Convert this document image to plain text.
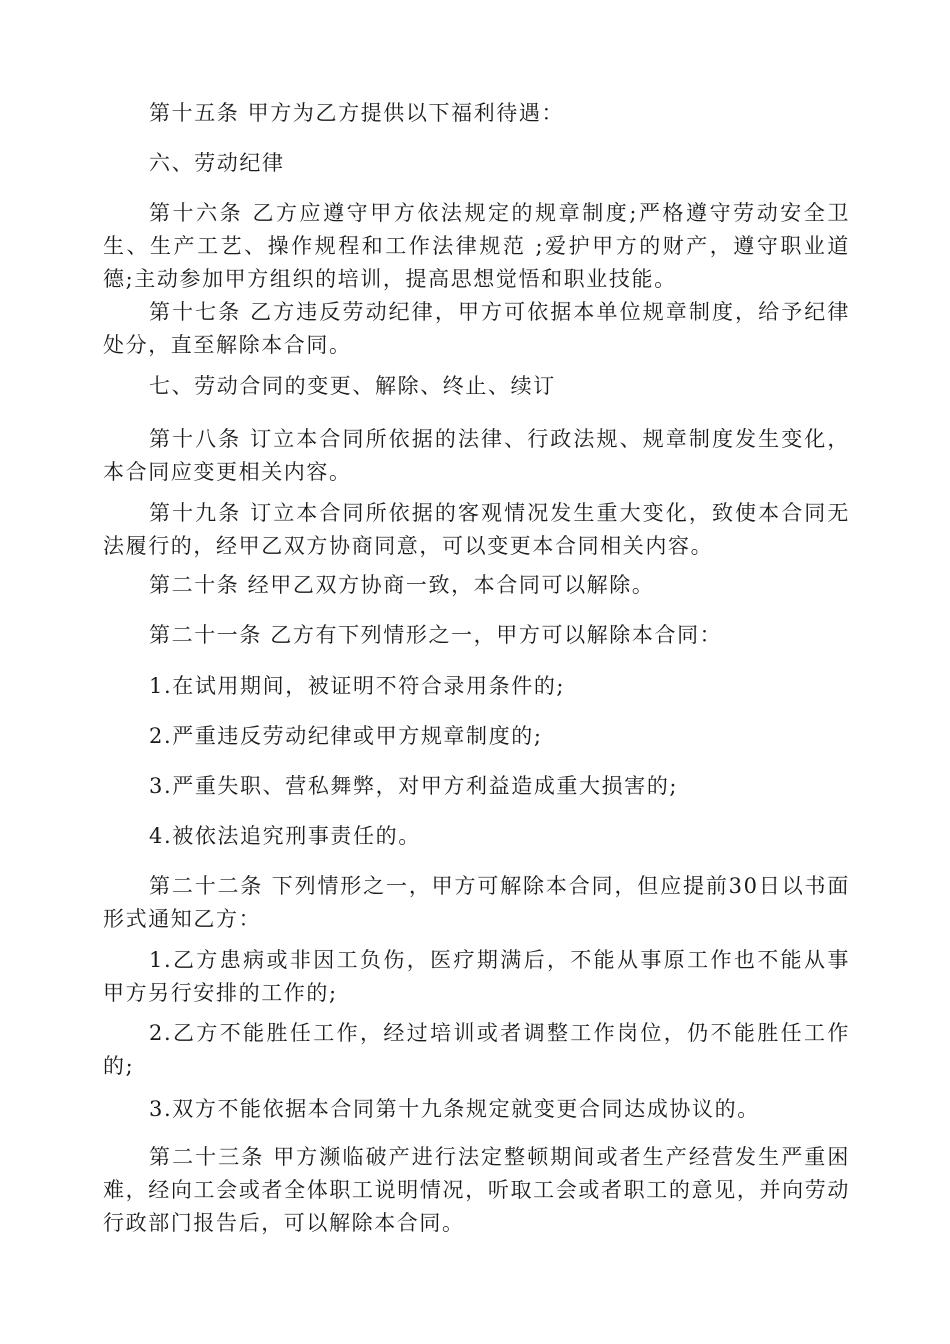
第十五条 甲方为乙方提供以下福利待遇：

六、劳动纪律

第十六条 乙方应遵守甲方依法规定的规章制度;严格遵守劳动安全卫生、生产工艺、操作规程和工作法律规范 ;爱护甲方的财产，遵守职业道德;主动参加甲方组织的培训，提高思想觉悟和职业技能。

第十七条 乙方违反劳动纪律，甲方可依据本单位规章制度，给予纪律处分，直至解除本合同。

七、劳动合同的变更、解除、终止、续订

第十八条 订立本合同所依据的法律、行政法规、规章制度发生变化，本合同应变更相关内容。

第十九条 订立本合同所依据的客观情况发生重大变化，致使本合同无法履行的，经甲乙双方协商同意，可以变更本合同相关内容。

第二十条 经甲乙双方协商一致，本合同可以解除。

第二十一条 乙方有下列情形之一，甲方可以解除本合同：

1.在试用期间，被证明不符合录用条件的;

2.严重违反劳动纪律或甲方规章制度的;

3.严重失职、营私舞弊，对甲方利益造成重大损害的;

4.被依法追究刑事责任的。

第二十二条 下列情形之一，甲方可解除本合同，但应提前30日以书面形式通知乙方：

1.乙方患病或非因工负伤，医疗期满后，不能从事原工作也不能从事甲方另行安排的工作的;

2.乙方不能胜任工作，经过培训或者调整工作岗位，仍不能胜任工作的;

3.双方不能依据本合同第十九条规定就变更合同达成协议的。

第二十三条 甲方濒临破产进行法定整顿期间或者生产经营发生严重困难，经向工会或者全体职工说明情况，听取工会或者职工的意见，并向劳动行政部门报告后，可以解除本合同。
